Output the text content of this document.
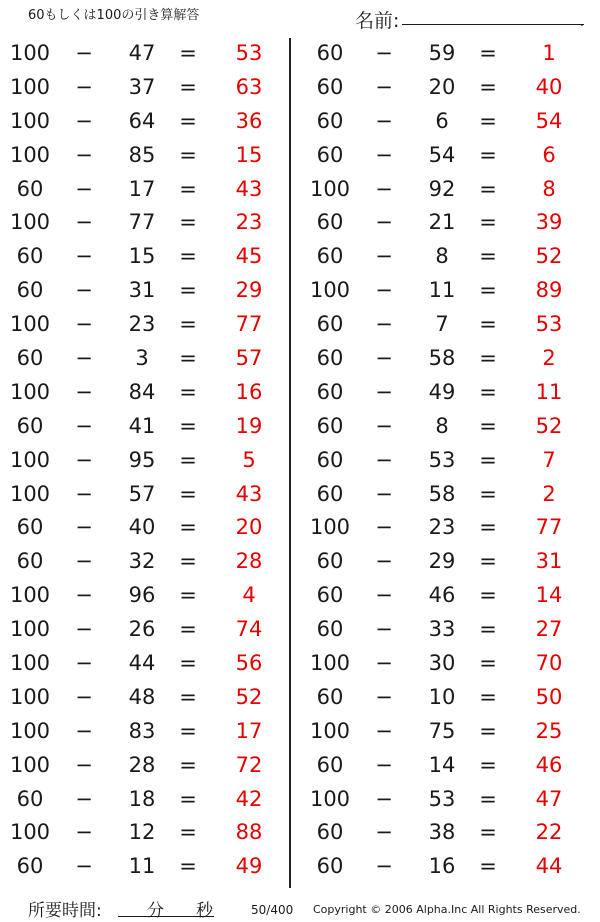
60もしくは100の引き算解答	名前:	.
100	−	47	=	53
100	−	37	=	63
100	−	64	=	36
100	−	85	=	15
60	−	17	=	43
100	−	77	=	23
60	−	15	=	45
60	−	31	=	29
100	−	23	=	77
60	−	3	=	57
100	−	84	=	16
60	−	41	=	19
100	−	95	=	5
100	−	57	=	43
60	−	40	=	20
60	−	32	=	28
100	−	96	=	4
100	−	26	=	74
100	−	44	=	56
100	−	48	=	52
100	−	83	=	17
100	−	28	=	72
60	−	18	=	42
100	−	12	=	88
60	−	11	=	49
60	−	59	=	1
60	−	20	=	40
60	−	6	=	54
60	−	54	=	6
100	−	92	=	8
60	−	21	=	39
60	−	8	=	52
100	−	11	=	89
60	−	7	=	53
60	−	58	=	2
60	−	49	=	11
60	−	8	=	52
60	−	53	=	7
60	−	58	=	2
100	−	23	=	77
60	−	29	=	31
60	−	46	=	14
60	−	33	=	27
100	−	30	=	70
60	−	10	=	50
100	−	75	=	25
60	−	14	=	46
100	−	53	=	47
60	−	38	=	22
60	−	16	=	44
所要時間:	分 秒	50/400 Copyright © 2006 Alpha.Inc All Rights Reserved.
